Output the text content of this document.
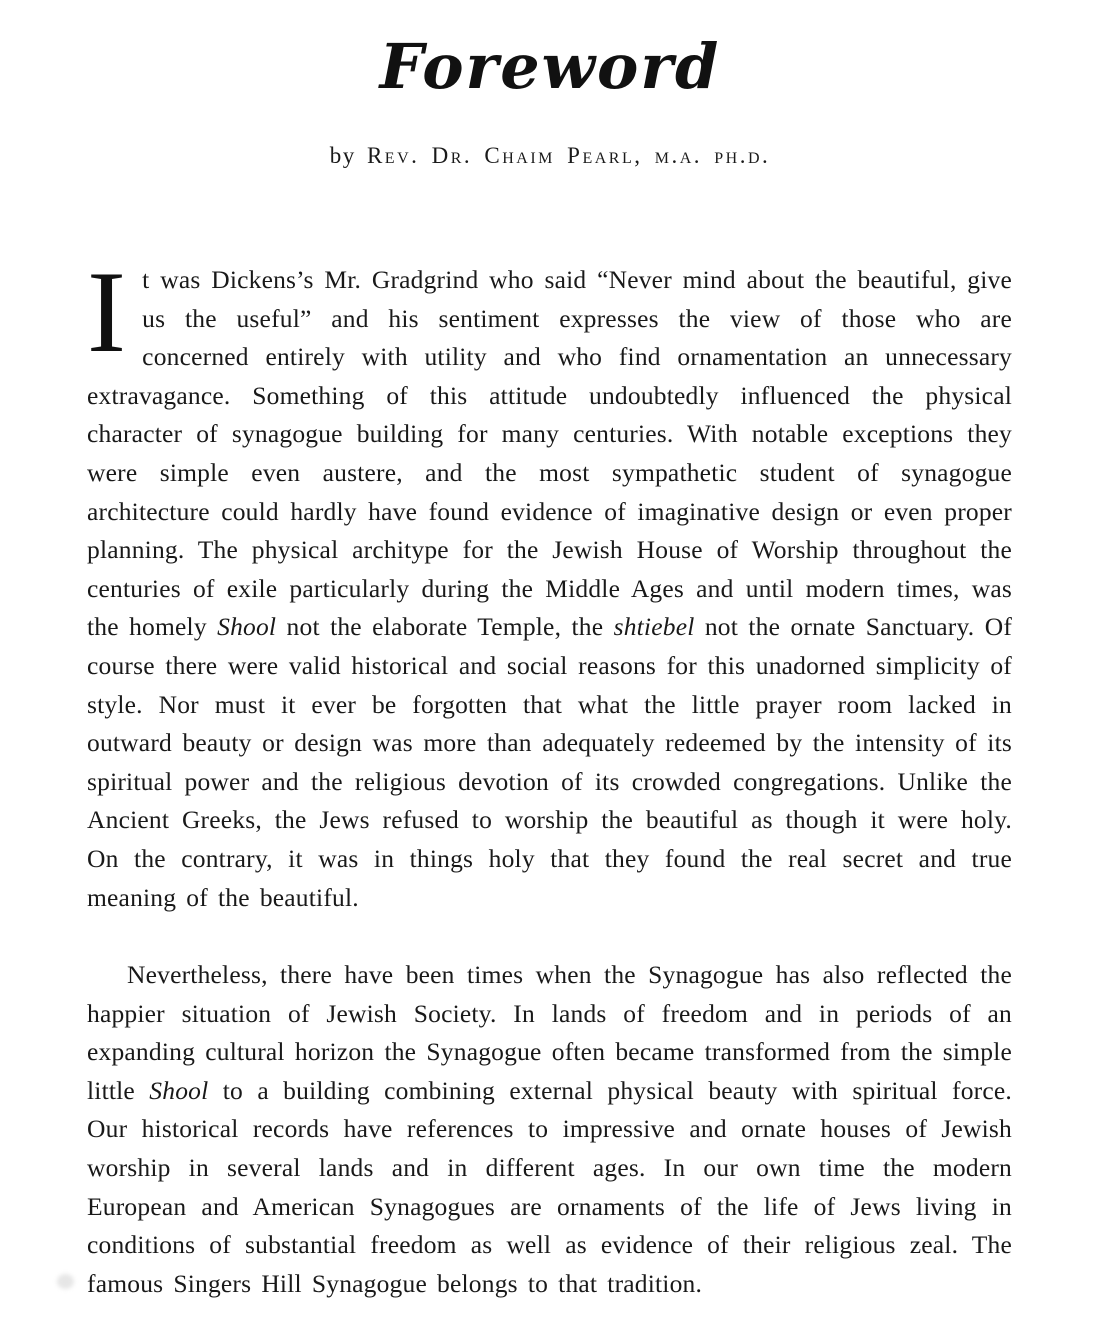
Foreword
by Rev. Dr. Chaim Pearl, m.a. ph.d.

It was Dickens’s Mr. Gradgrind who said “Never mind about the beautiful, give us the useful” and his sentiment expresses the view of those who are concerned entirely with utility and who find ornamentation an unnecessary extravagance. Something of this attitude undoubtedly influenced the physical character of synagogue building for many centuries. With notable exceptions they were simple even austere, and the most sympathetic student of synagogue architecture could hardly have found evidence of imaginative design or even proper planning. The physical architype for the Jewish House of Worship throughout the centuries of exile particularly during the Middle Ages and until modern times, was the homely Shool not the elaborate Temple, the shtiebel not the ornate Sanctuary. Of course there were valid historical and social reasons for this unadorned simplicity of style. Nor must it ever be forgotten that what the little prayer room lacked in outward beauty or design was more than adequately redeemed by the intensity of its spiritual power and the religious devotion of its crowded congregations. Unlike the Ancient Greeks, the Jews refused to worship the beautiful as though it were holy. On the contrary, it was in things holy that they found the real secret and true meaning of the beautiful.

Nevertheless, there have been times when the Synagogue has also reflected the happier situation of Jewish Society. In lands of freedom and in periods of an expanding cultural horizon the Synagogue often became transformed from the simple little Shool to a building combining external physical beauty with spiritual force. Our historical records have references to impressive and ornate houses of Jewish worship in several lands and in different ages. In our own time the modern European and American Synagogues are ornaments of the life of Jews living in conditions of substantial freedom as well as evidence of their religious zeal. The famous Singers Hill Synagogue belongs to that tradition.
